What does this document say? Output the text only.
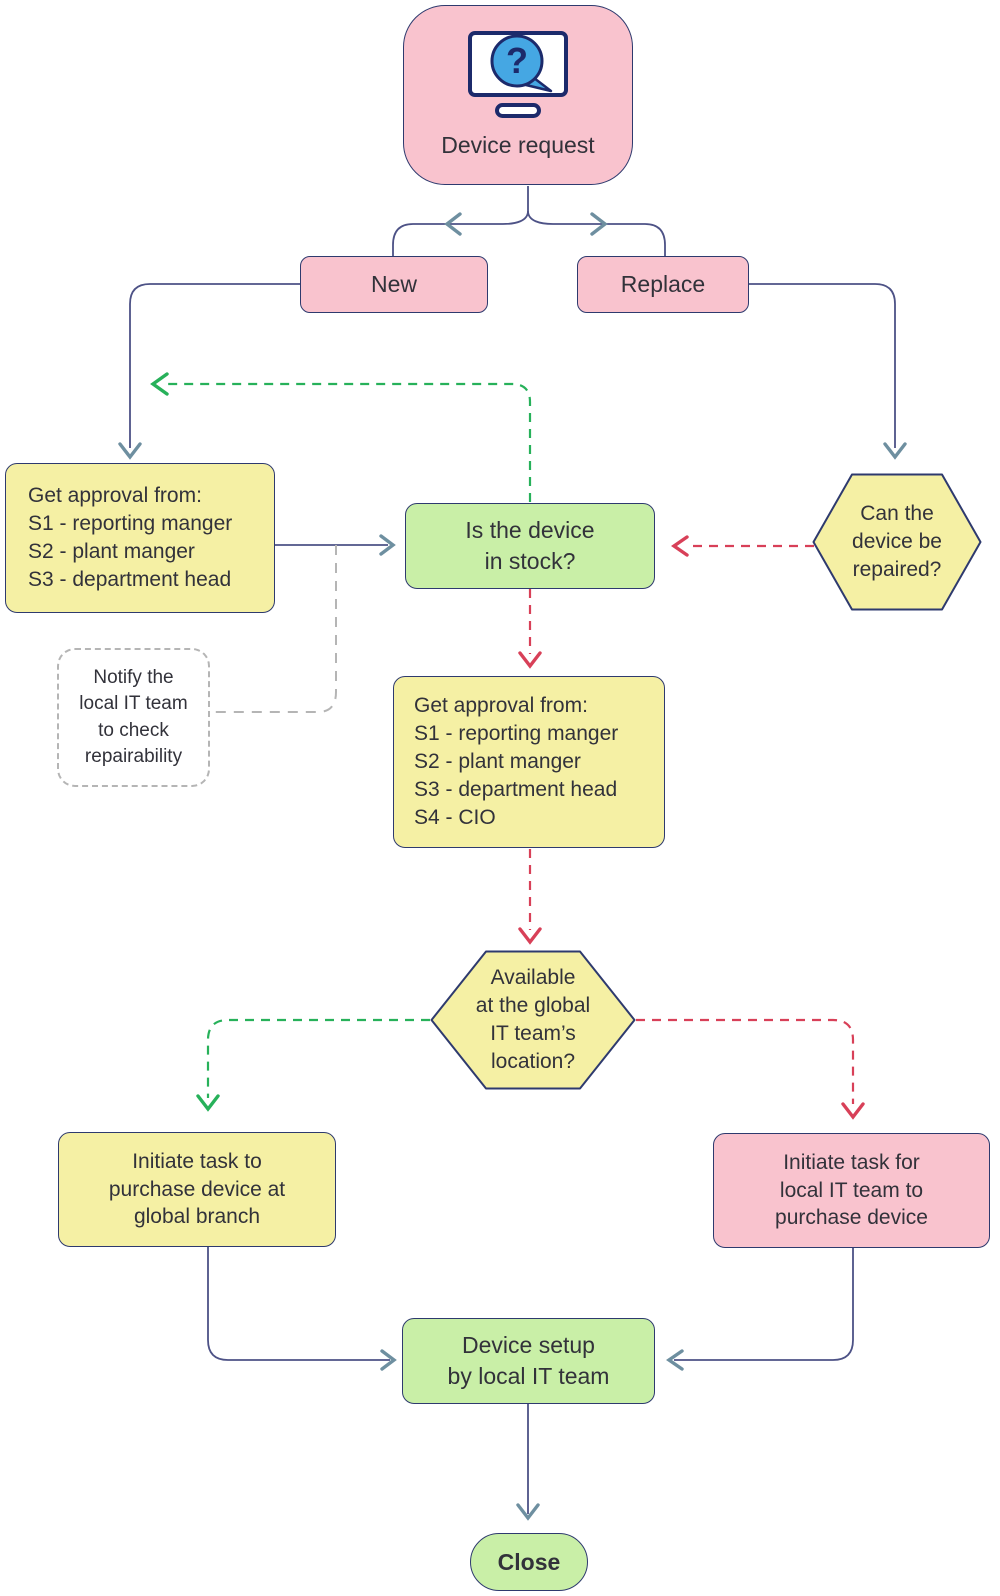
?
Device request
New	Replace
Get approval from:
S1 - reporting manger
S2 - plant manger
S3 - department head
Notify the
local IT team
to check
repairability
Is the device
in stock?
Can the
device be
repaired?
Get approval from:
S1 - reporting manger
S2 - plant manger
S3 - department head
S4 - CIO
Available
at the global
IT team’s
location?
Initiate task to
purchase device at
global branch
Initiate task for
local IT team to
purchase device
Device setup
by local IT team
Close
